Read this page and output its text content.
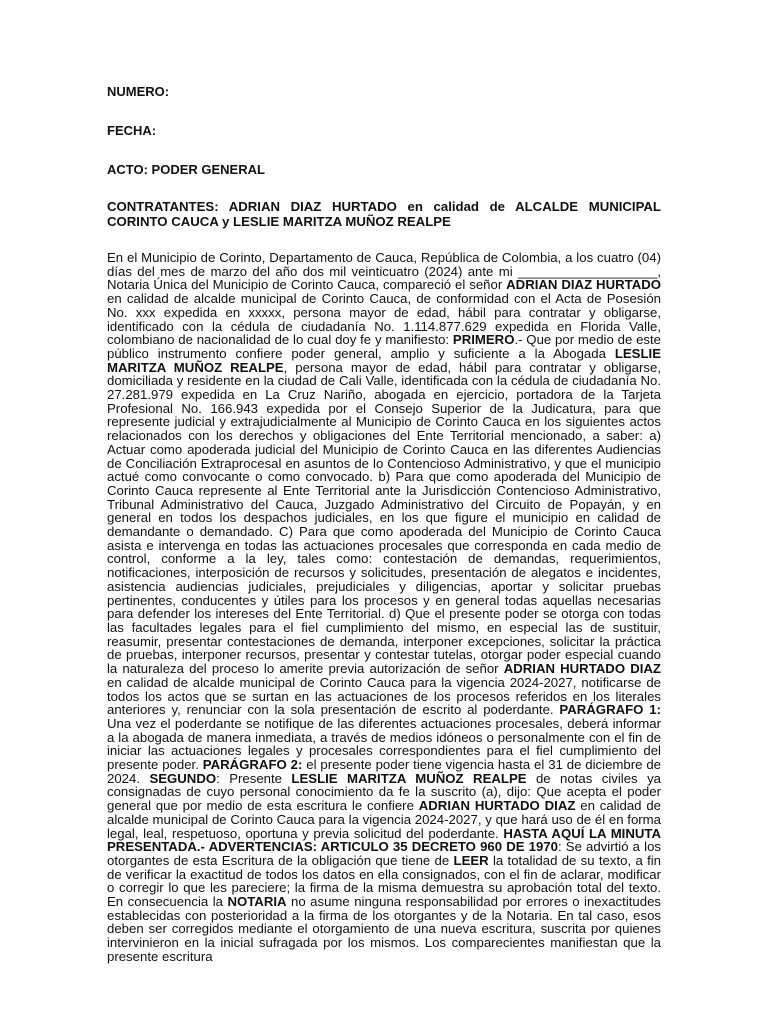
NUMERO:

FECHA:

ACTO: PODER GENERAL

CONTRATANTES: ADRIAN DIAZ HURTADO en calidad de ALCALDE MUNICIPAL CORINTO CAUCA y LESLIE MARITZA MUÑOZ REALPE

En el Municipio de Corinto, Departamento de Cauca, República de Colombia, a los cuatro (04) días del mes de marzo del año dos mil veinticuatro (2024) ante mi ___________________, Notaria Única del Municipio de Corinto Cauca, compareció el señor ADRIAN DIAZ HURTADO en calidad de alcalde municipal de Corinto Cauca, de conformidad con el Acta de Posesión No. xxx expedida en xxxxx, persona mayor de edad, hábil para contratar y obligarse, identificado con la cédula de ciudadanía No. 1.114.877.629 expedida en Florida Valle, colombiano de nacionalidad de lo cual doy fe y manifiesto: PRIMERO.- Que por medio de este público instrumento confiere poder general, amplio y suficiente a la Abogada LESLIE MARITZA MUÑOZ REALPE, persona mayor de edad, hábil para contratar y obligarse, domiciliada y residente en la ciudad de Cali Valle, identificada con la cédula de ciudadanía No. 27.281.979 expedida en La Cruz Nariño, abogada en ejercicio, portadora de la Tarjeta Profesional No. 166.943 expedida por el Consejo Superior de la Judicatura, para que represente judicial y extrajudicialmente al Municipio de Corinto Cauca en los siguientes actos relacionados con los derechos y obligaciones del Ente Territorial mencionado, a saber: a) Actuar como apoderada judicial del Municipio de Corinto Cauca en las diferentes Audiencias de Conciliación Extraprocesal en asuntos de lo Contencioso Administrativo, y que el municipio actué como convocante o como convocado. b) Para que como apoderada del Municipio de Corinto Cauca represente al Ente Territorial ante la Jurisdicción Contencioso Administrativo, Tribunal Administrativo del Cauca, Juzgado Administrativo del Circuito de Popayán, y en general en todos los despachos judiciales, en los que figure el municipio en calidad de demandante o demandado. C) Para que como apoderada del Municipio de Corinto Cauca asista e intervenga en todas las actuaciones procesales que corresponda en cada medio de control, conforme a la ley, tales como: contestación de demandas, requerimientos, notificaciones, interposición de recursos y solicitudes, presentación de alegatos e incidentes, asistencia audiencias judiciales, prejudiciales y diligencias, aportar y solicitar pruebas pertinentes, conducentes y útiles para los procesos y en general todas aquellas necesarias para defender los intereses del Ente Territorial. d) Que el presente poder se otorga con todas las facultades legales para el fiel cumplimiento del mismo, en especial las de sustituir, reasumir, presentar contestaciones de demanda, interponer excepciones, solicitar la práctica de pruebas, interponer recursos, presentar y contestar tutelas, otorgar poder especial cuando la naturaleza del proceso lo amerite previa autorización de señor ADRIAN HURTADO DIAZ en calidad de alcalde municipal de Corinto Cauca para la vigencia 2024-2027, notificarse de todos los actos que se surtan en las actuaciones de los procesos referidos en los literales anteriores y, renunciar con la sola presentación de escrito al poderdante. PARÁGRAFO 1: Una vez el poderdante se notifique de las diferentes actuaciones procesales, deberá informar a la abogada de manera inmediata, a través de medios idóneos o personalmente con el fin de iniciar las actuaciones legales y procesales correspondientes para el fiel cumplimiento del presente poder. PARÁGRAFO 2: el presente poder tiene vigencia hasta el 31 de diciembre de 2024. SEGUNDO: Presente LESLIE MARITZA MUÑOZ REALPE de notas civiles ya consignadas de cuyo personal conocimiento da fe la suscrito (a), dijo: Que acepta el poder general que por medio de esta escritura le confiere ADRIAN HURTADO DIAZ en calidad de alcalde municipal de Corinto Cauca para la vigencia 2024-2027, y que hará uso de él en forma legal, leal, respetuoso, oportuna y previa solicitud del poderdante. HASTA AQUÍ LA MINUTA PRESENTADA.- ADVERTENCIAS: ARTICULO 35 DECRETO 960 DE 1970: Se advirtió a los otorgantes de esta Escritura de la obligación que tiene de LEER la totalidad de su texto, a fin de verificar la exactitud de todos los datos en ella consignados, con el fin de aclarar, modificar o corregir lo que les pareciere; la firma de la misma demuestra su aprobación total del texto. En consecuencia la NOTARIA no asume ninguna responsabilidad por errores o inexactitudes establecidas con posterioridad a la firma de los otorgantes y de la Notaria. En tal caso, esos deben ser corregidos mediante el otorgamiento de una nueva escritura, suscrita por quienes intervinieron en la inicial sufragada por los mismos. Los comparecientes manifiestan que la presente escritura
